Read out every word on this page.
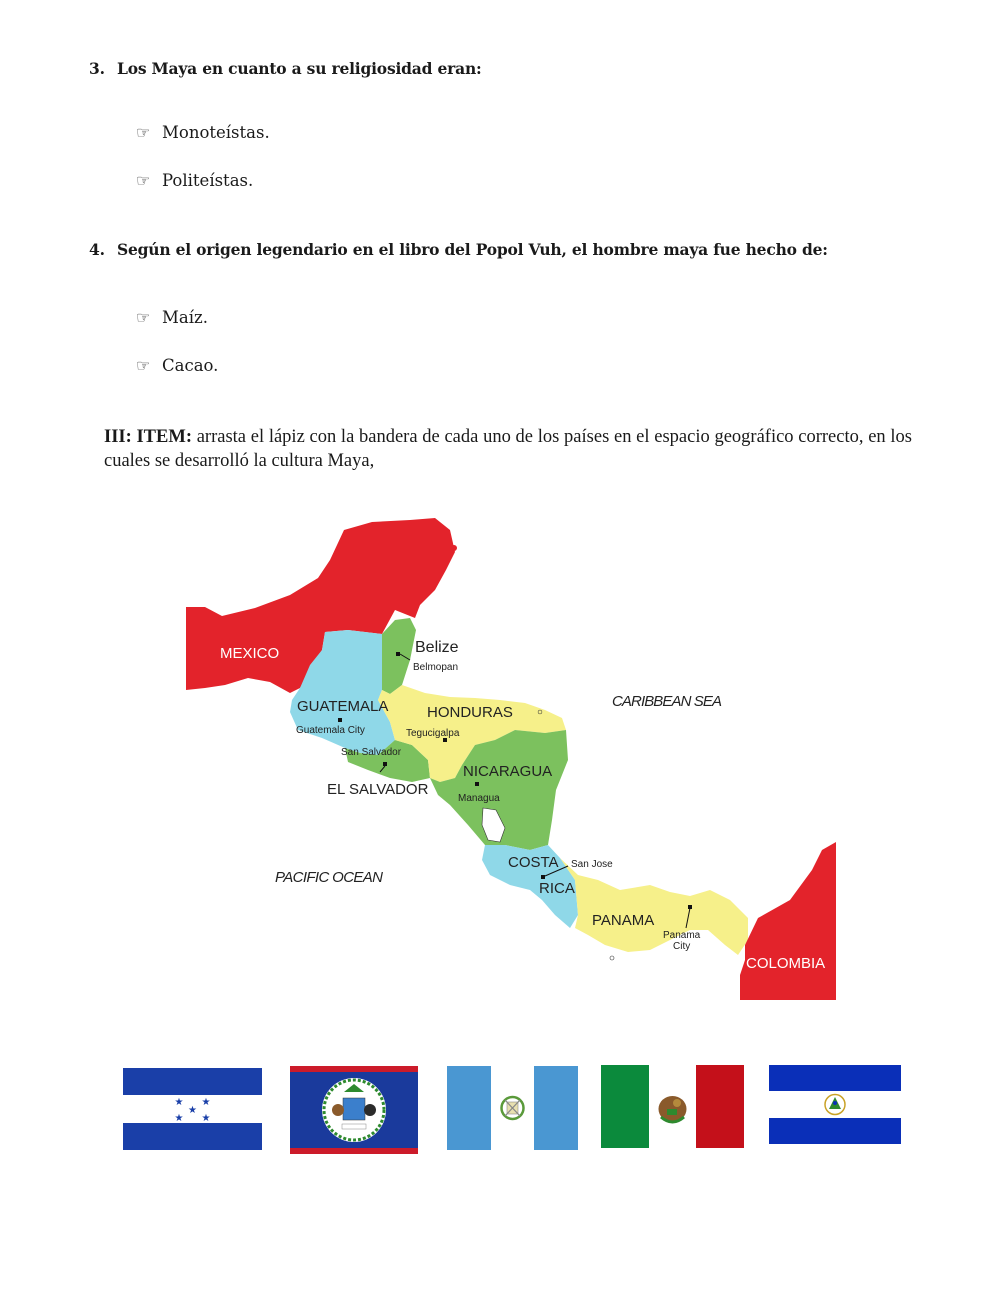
3. Los Maya en cuanto a su religiosidad eran:
☞ Monoteístas.
☞ Politeístas.
4. Según el origen legendario en el libro del Popol Vuh, el hombre maya fue hecho de:
☞ Maíz.
☞ Cacao.
III: ITEM: arrasta el lápiz con la bandera de cada uno de los países en el espacio geográfico correcto, en los cuales se desarrolló la cultura Maya,
MEXICO	Belize
GUATEMALA	HONDURAS
NICARAGUA
EL SALVADOR
COSTA
RICA
PANAMA
COLOMBIA
Belmopan
Guatemala City	Tegucigalpa
San Salvador
Managua
San Jose
Panama
City
CARIBBEAN SEA
PACIFIC OCEAN
★ ★
★
★ ★
